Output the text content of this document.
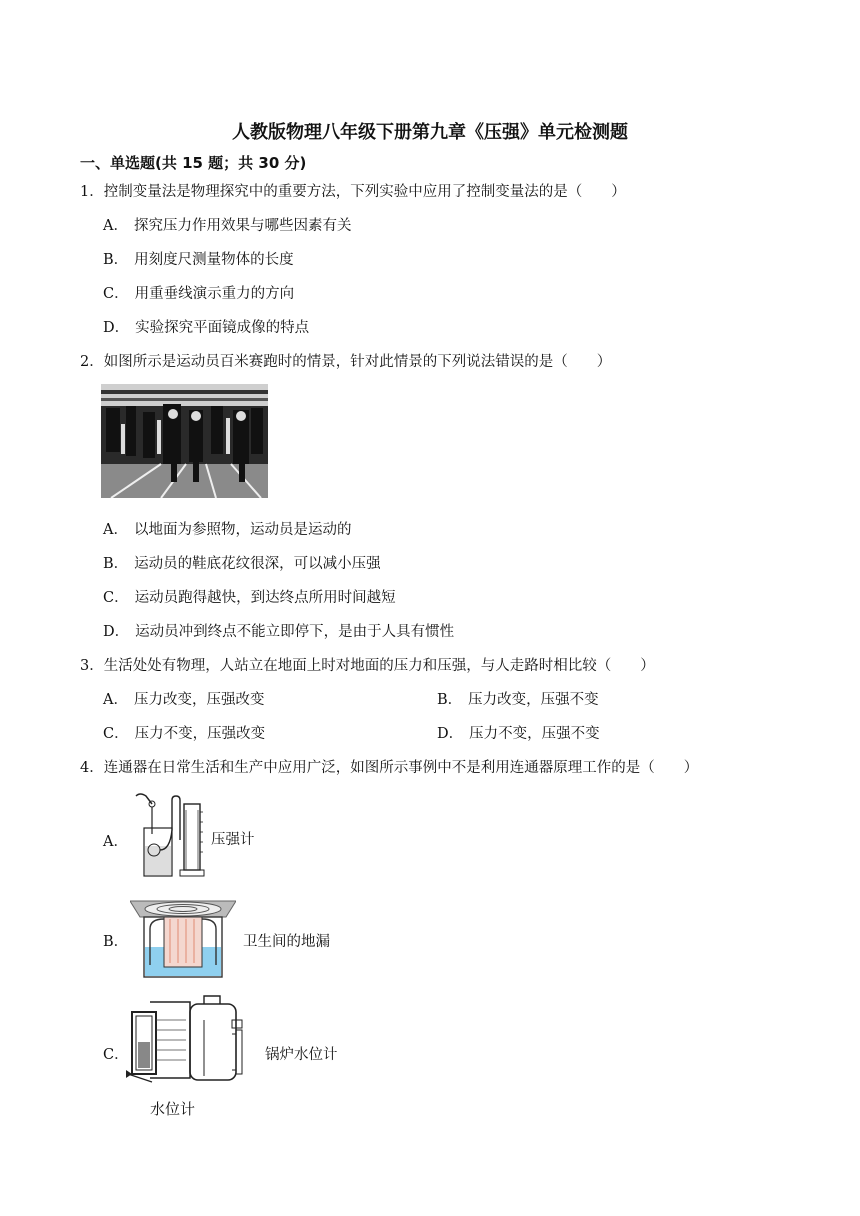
人教版物理八年级下册第九章《压强》单元检测题
一、单选题(共 15 题；共 30 分)
1．控制变量法是物理探究中的重要方法，下列实验中应用了控制变量法的是（　　）
A． 探究压力作用效果与哪些因素有关
B． 用刻度尺测量物体的长度
C． 用重垂线演示重力的方向
D． 实验探究平面镜成像的特点
2．如图所示是运动员百米赛跑时的情景，针对此情景的下列说法错误的是（　　）
A． 以地面为参照物，运动员是运动的
B． 运动员的鞋底花纹很深，可以减小压强
C． 运动员跑得越快，到达终点所用时间越短
D． 运动员冲到终点不能立即停下，是由于人具有惯性
3．生活处处有物理，人站立在地面上时对地面的压力和压强，与人走路时相比较（　　）
A． 压力改变，压强改变	B． 压力改变，压强不变
C． 压力不变，压强改变	D． 压力不变，压强不变
4．连通器在日常生活和生产中应用广泛，如图所示事例中不是利用连通器原理工作的是（　　）
A．	压强计
B．	卫生间的地漏
C．	锅炉水位计
水位计
